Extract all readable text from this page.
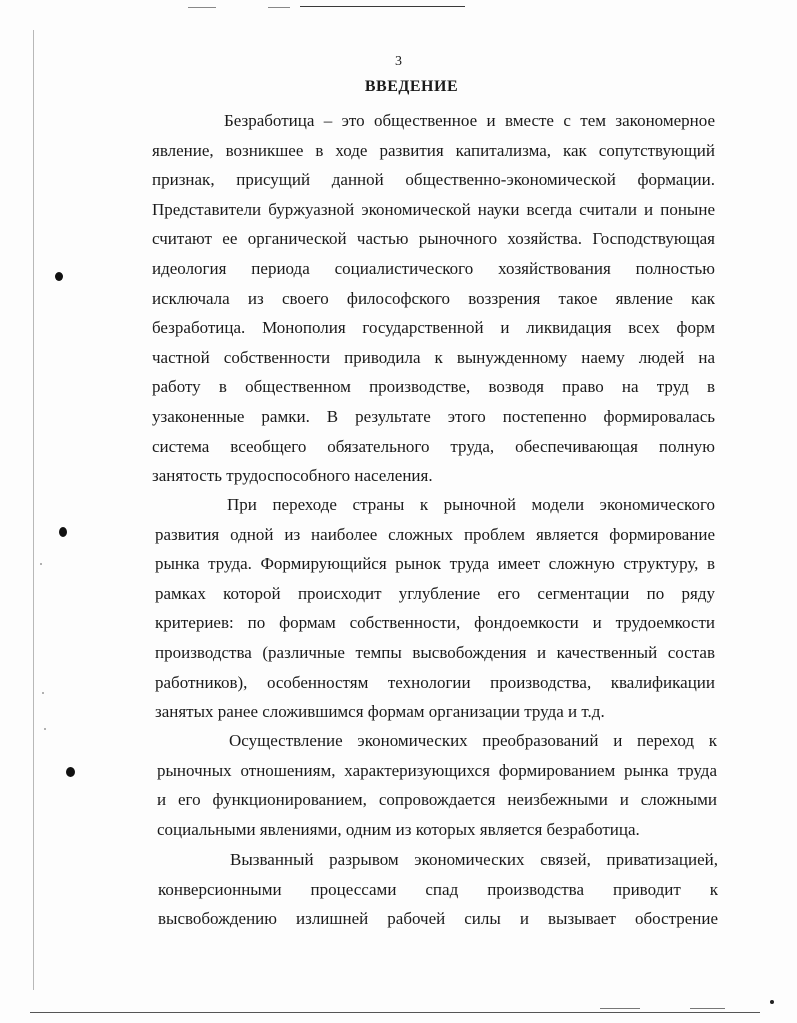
3
ВВЕДЕНИЕ
Безработица – это общественное и вместе с тем закономерное
явление, возникшее в ходе развития капитализма, как сопутствующий
признак, присущий данной общественно-экономической формации.
Представители буржуазной экономической науки всегда считали и поныне
считают ее органической частью рыночного хозяйства. Господствующая
идеология периода социалистического хозяйствования полностью
исключала из своего философского воззрения такое явление как
безработица. Монополия государственной и ликвидация всех форм
частной собственности приводила к вынужденному наему людей на
работу в общественном производстве, возводя право на труд в
узаконенные рамки. В результате этого постепенно формировалась
система всеобщего обязательного труда, обеспечивающая полную
занятость трудоспособного населения.
При переходе страны к рыночной модели экономического
развития одной из наиболее сложных проблем является формирование
рынка труда. Формирующийся рынок труда имеет сложную структуру, в
рамках которой происходит углубление его сегментации по ряду
критериев: по формам собственности, фондоемкости и трудоемкости
производства (различные темпы высвобождения и качественный состав
работников), особенностям технологии производства, квалификации
занятых ранее сложившимся формам организации труда и т.д.
Осуществление экономических преобразований и переход к
рыночных отношениям, характеризующихся формированием рынка труда
и его функционированием, сопровождается неизбежными и сложными
социальными явлениями, одним из которых является безработица.
Вызванный разрывом экономических связей, приватизацией,
конверсионными процессами спад производства приводит к
высвобождению излишней рабочей силы и вызывает обострение
